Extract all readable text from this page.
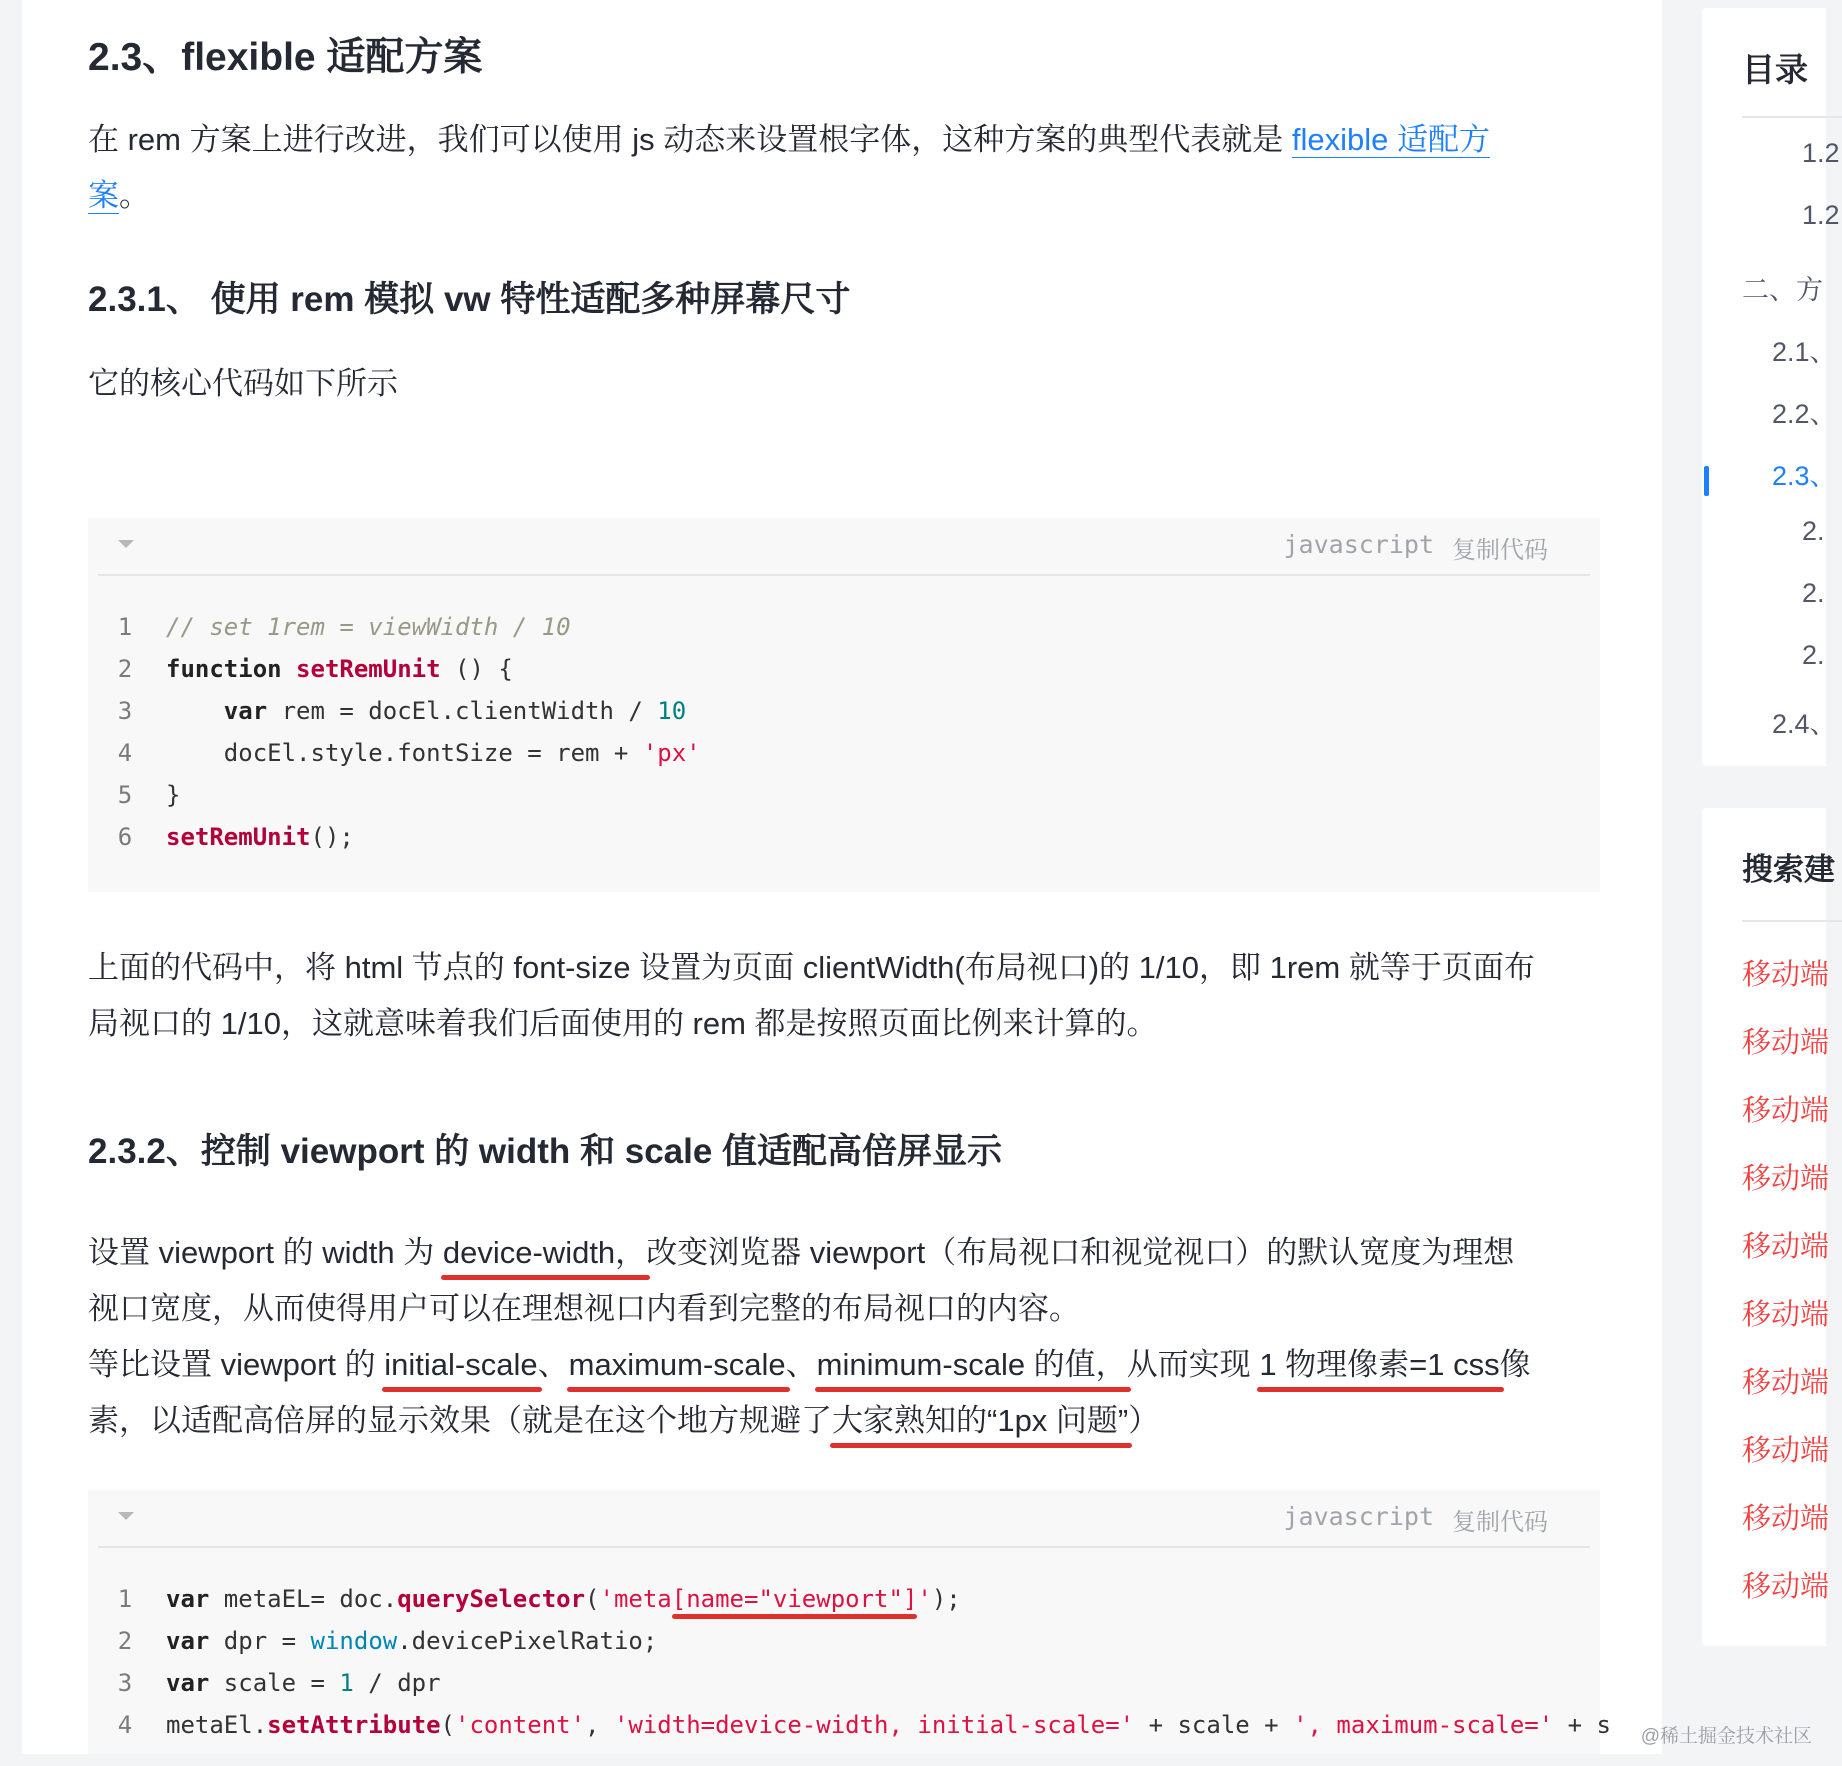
2.3、flexible 适配方案

在 rem 方案上进行改进，我们可以使用 js 动态来设置根字体，这种方案的典型代表就是 flexible 适配方
案。

2.3.1、 使用 rem 模拟 vw 特性适配多种屏幕尺寸

它的核心代码如下所示

javascript 复制代码
1 // set 1rem = viewWidth / 10
2 function setRemUnit () {
3	var rem = docEl.clientWidth / 10
4    docEl.style.fontSize = rem + 'px'
5 }
6 setRemUnit();

上面的代码中，将 html 节点的 font-size 设置为页面 clientWidth(布局视口)的 1/10，即 1rem 就等于页面布
局视口的 1/10，这就意味着我们后面使用的 rem 都是按照页面比例来计算的。

2.3.2、控制 viewport 的 width 和 scale 值适配高倍屏显示

设置 viewport 的 width 为 device-width，改变浏览器 viewport（布局视口和视觉视口）的默认宽度为理想
视口宽度，从而使得用户可以在理想视口内看到完整的布局视口的内容。
等比设置 viewport 的 initial-scale、maximum-scale、minimum-scale 的值，从而实现 1 物理像素=1 css像
素，以适配高倍屏的显示效果（就是在这个地方规避了大家熟知的“1px 问题”）

javascript 复制代码
1 var metaEL= doc.querySelector('meta[name="viewport"]');
2 var dpr = window.devicePixelRatio;
3 var scale = 1 / dpr
4 metaEl.setAttribute('content', 'width=device-width, initial-scale=' + scale + ', maximum-scale=' + s
目录
1.2
1.2
二、方
2.1、
2.2、
2.3、
2.
2.
2.
2.4、
搜索建
移动端
移动端
移动端
移动端
移动端
移动端
移动端
移动端
移动端
移动端
@稀土掘金技术社区
